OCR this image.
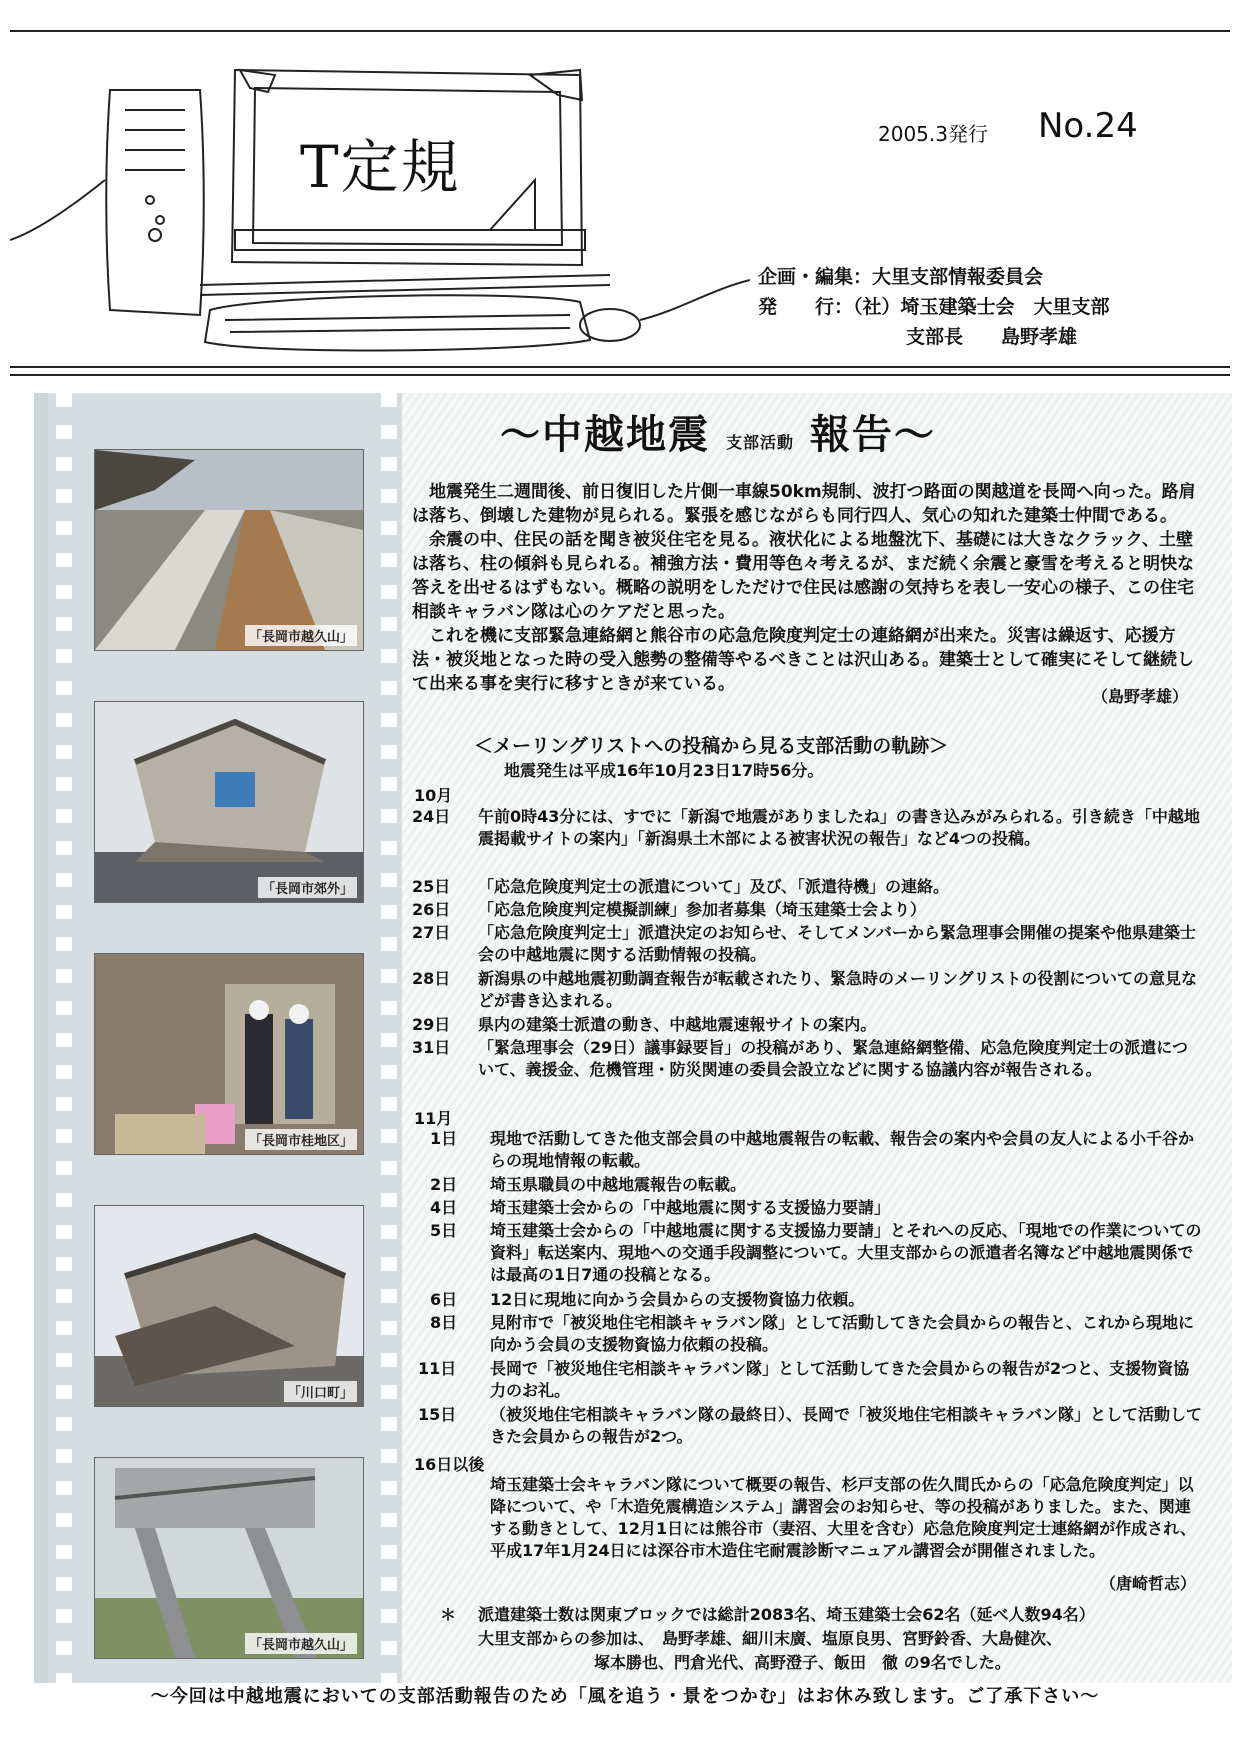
T定規	2005.3発行 No.24
企画・編集：大里支部情報委員会
発　　行：（社）埼玉建築士会　大里支部
支部長　　 島野孝雄
「長岡市越久山」
「長岡市郊外」
「長岡市桂地区」
「川口町」
「長岡市越久山」
～中越地震 支部活動 報告～

地震発生二週間後、前日復旧した片側一車線50km規制、波打つ路面の関越道を長岡へ向った。路肩は落ち、倒壊した建物が見られる。緊張を感じながらも同行四人、気心の知れた建築士仲間である。

余震の中、住民の話を聞き被災住宅を見る。液状化による地盤沈下、基礎には大きなクラック、土壁は落ち、柱の傾斜も見られる。補強方法・費用等色々考えるが、まだ続く余震と豪雪を考えると明快な答えを出せるはずもない。概略の説明をしただけで住民は感謝の気持ちを表し一安心の様子、この住宅相談キャラバン隊は心のケアだと思った。

これを機に支部緊急連絡網と熊谷市の応急危険度判定士の連絡網が出来た。災害は繰返す、応援方法・被災地となった時の受入態勢の整備等やるべきことは沢山ある。建築士として確実にそして継続して出来る事を実行に移すときが来ている。

（島野孝雄）
＜メーリングリストへの投稿から見る支部活動の軌跡＞
地震発生は平成16年10月23日17時56分。
10月
24日	午前0時43分には、すでに「新潟で地震がありましたね」の書き込みがみられる。引き続き「中越地震掲載サイトの案内」「新潟県土木部による被害状況の報告」など4つの投稿。
25日	「応急危険度判定士の派遣について」及び、「派遣待機」の連絡。
26日	「応急危険度判定模擬訓練」参加者募集（埼玉建築士会より）
27日	「応急危険度判定士」派遣決定のお知らせ、そしてメンバーから緊急理事会開催の提案や他県建築士会の中越地震に関する活動情報の投稿。
28日	新潟県の中越地震初動調査報告が転載されたり、緊急時のメーリングリストの役割についての意見などが書き込まれる。
29日	県内の建築士派遣の動き、中越地震速報サイトの案内。
31日	「緊急理事会（29日）議事録要旨」の投稿があり、緊急連絡網整備、応急危険度判定士の派遣について、義援金、危機管理・防災関連の委員会設立などに関する協議内容が報告される。
11月
1日	現地で活動してきた他支部会員の中越地震報告の転載、報告会の案内や会員の友人による小千谷からの現地情報の転載。
2日	埼玉県職員の中越地震報告の転載。
4日	埼玉建築士会からの「中越地震に関する支援協力要請」
5日	埼玉建築士会からの「中越地震に関する支援協力要請」とそれへの反応、「現地での作業についての資料」転送案内、現地への交通手段調整について。大里支部からの派遣者名簿など中越地震関係では最高の1日7通の投稿となる。
6日	12日に現地に向かう会員からの支援物資協力依頼。
8日	見附市で「被災地住宅相談キャラバン隊」として活動してきた会員からの報告と、これから現地に向かう会員の支援物資協力依頼の投稿。
11日	長岡で「被災地住宅相談キャラバン隊」として活動してきた会員からの報告が2つと、支援物資協力のお礼。
15日	（被災地住宅相談キャラバン隊の最終日）、長岡で「被災地住宅相談キャラバン隊」として活動してきた会員からの報告が2つ。
16日以後
埼玉建築士会キャラバン隊について概要の報告、杉戸支部の佐久間氏からの「応急危険度判定」以降について、や「木造免震構造システム」講習会のお知らせ、等の投稿がありました。また、関連する動きとして、12月1日には熊谷市（妻沼、大里を含む）応急危険度判定士連絡網が作成され、平成17年1月24日には深谷市木造住宅耐震診断マニュアル講習会が開催されました。
（唐崎哲志）
＊ 派遣建築士数は関東ブロックでは総計2083名、埼玉建築士会62名（延べ人数94名）
大里支部からの参加は、　島野孝雄、細川末廣、塩原良男、宮野鈴香、大島健次、
塚本勝也、門倉光代、高野澄子、飯田　徹 の9名でした。
～今回は中越地震においての支部活動報告のため「風を追う・景をつかむ」はお休み致します。ご了承下さい～
